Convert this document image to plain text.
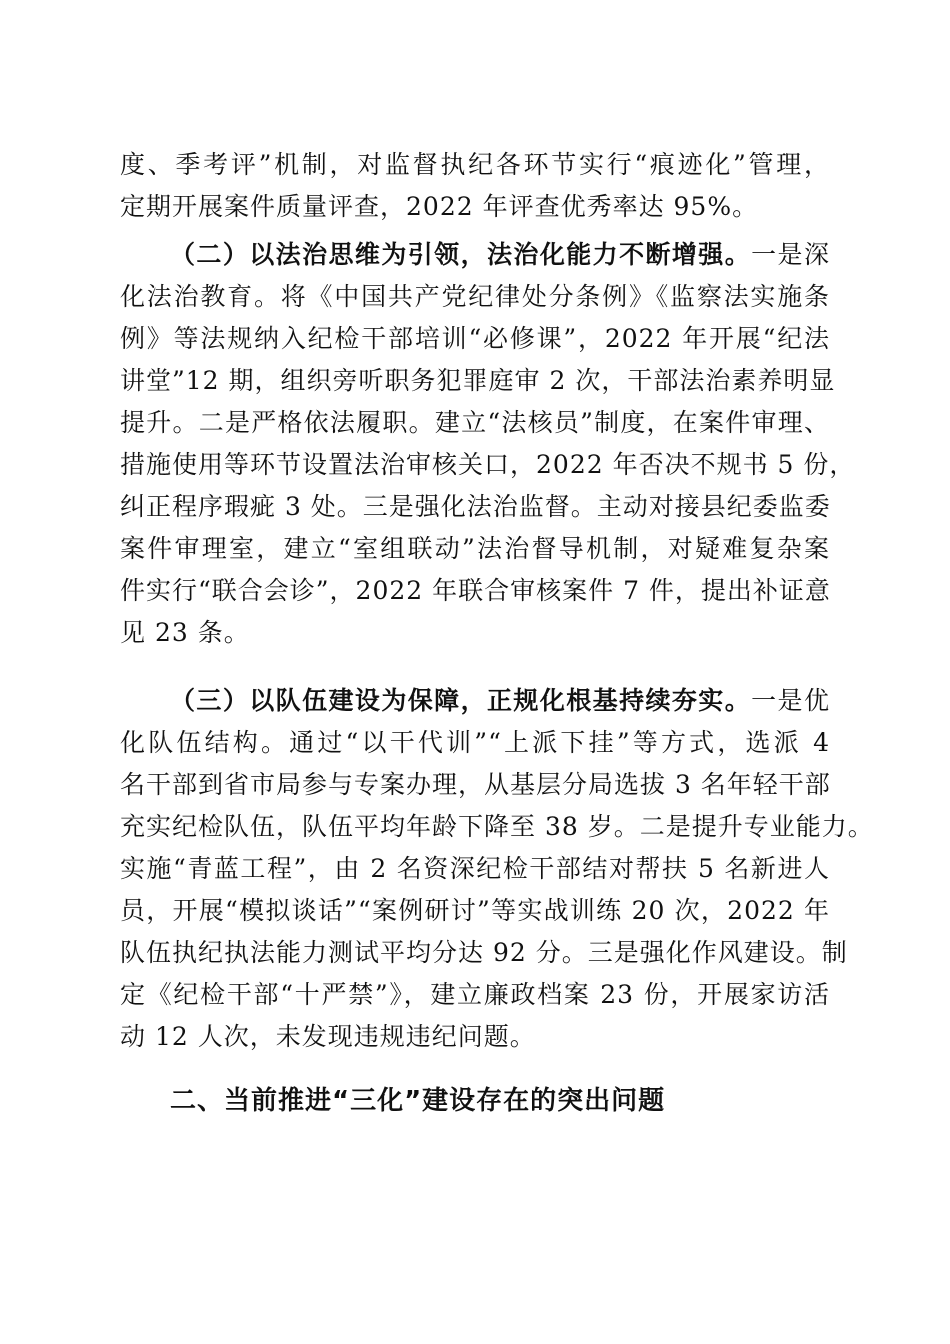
度、季考评”机制，对监督执纪各环节实行“痕迹化”管理，
定期开展案件质量评查，2022 年评查优秀率达 95%。
（二）以法治思维为引领，法治化能力不断增强。一是深
化法治教育。将《中国共产党纪律处分条例》《监察法实施条
例》等法规纳入纪检干部培训“必修课”，2022 年开展“纪法
讲堂”12 期，组织旁听职务犯罪庭审 2 次，干部法治素养明显
提升。二是严格依法履职。建立“法核员”制度，在案件审理、
措施使用等环节设置法治审核关口，2022 年否决不规书 5 份，
纠正程序瑕疵 3 处。三是强化法治监督。主动对接县纪委监委
案件审理室，建立“室组联动”法治督导机制，对疑难复杂案
件实行“联合会诊”，2022 年联合审核案件 7 件，提出补证意
见 23 条。
（三）以队伍建设为保障，正规化根基持续夯实。一是优
化队伍结构。通过“以干代训”“上派下挂”等方式，选派 4
名干部到省市局参与专案办理，从基层分局选拔 3 名年轻干部
充实纪检队伍，队伍平均年龄下降至 38 岁。二是提升专业能力。
实施“青蓝工程”，由 2 名资深纪检干部结对帮扶 5 名新进人
员，开展“模拟谈话”“案例研讨”等实战训练 20 次，2022 年
队伍执纪执法能力测试平均分达 92 分。三是强化作风建设。制
定《纪检干部“十严禁”》，建立廉政档案 23 份，开展家访活
动 12 人次，未发现违规违纪问题。
二、当前推进“三化”建设存在的突出问题
